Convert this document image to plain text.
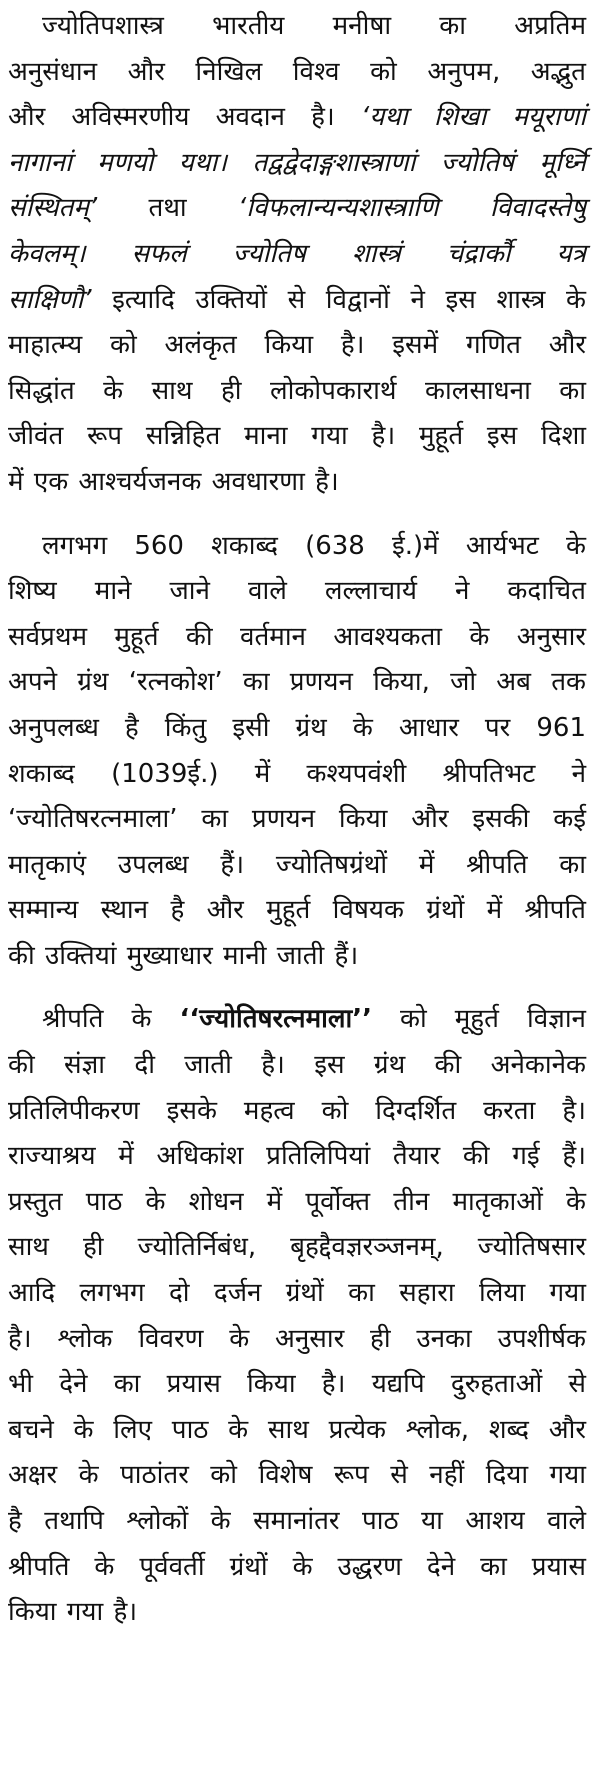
ज्योतिपशास्त्र भारतीय मनीषा का अप्रतिम
अनुसंधान और निखिल विश्व को अनुपम, अद्भुत
और अविस्मरणीय अवदान है। ‘यथा शिखा मयूराणां
नागानां मणयो यथा। तद्वद्वेदाङ्गशास्त्राणां ज्योतिषं मूर्ध्नि
संस्थितम्’ तथा ‘विफलान्यन्यशास्त्राणि विवादस्तेषु
केवलम्। सफलं ज्योतिष शास्त्रं चंद्रार्कौ यत्र
साक्षिणौ’ इत्यादि उक्तियों से विद्वानों ने इस शास्त्र के
माहात्म्य को अलंकृत किया है। इसमें गणित और
सिद्धांत के साथ ही लोकोपकारार्थ कालसाधना का
जीवंत रूप सन्निहित माना गया है। मुहूर्त इस दिशा
में एक आश्चर्यजनक अवधारणा है।
लगभग 560 शकाब्द (638 ई.)में आर्यभट के
शिष्य माने जाने वाले लल्लाचार्य ने कदाचित
सर्वप्रथम मुहूर्त की वर्तमान आवश्यकता के अनुसार
अपने ग्रंथ ‘रत्नकोश’ का प्रणयन किया, जो अब तक
अनुपलब्ध है किंतु इसी ग्रंथ के आधार पर 961
शकाब्द (1039ई.) में कश्यपवंशी श्रीपतिभट ने
‘ज्योतिषरत्नमाला’ का प्रणयन किया और इसकी कई
मातृकाएं उपलब्ध हैं। ज्योतिषग्रंथों में श्रीपति का
सम्मान्य स्थान है और मुहूर्त विषयक ग्रंथों में श्रीपति
की उक्तियां मुख्याधार मानी जाती हैं।
श्रीपति के ‘‘ज्योतिषरत्नमाला’’ को मूहुर्त विज्ञान
की संज्ञा दी जाती है। इस ग्रंथ की अनेकानेक
प्रतिलिपीकरण इसके महत्व को दिग्दर्शित करता है।
राज्याश्रय में अधिकांश प्रतिलिपियां तैयार की गई हैं।
प्रस्तुत पाठ के शोधन में पूर्वोक्त तीन मातृकाओं के
साथ ही ज्योतिर्निबंध, बृहद्दैवज्ञरञ्जनम्, ज्योतिषसार
आदि लगभग दो दर्जन ग्रंथों का सहारा लिया गया
है। श्लोक विवरण के अनुसार ही उनका उपशीर्षक
भी देने का प्रयास किया है। यद्यपि दुरुहताओं से
बचने के लिए पाठ के साथ प्रत्येक श्लोक, शब्द और
अक्षर के पाठांतर को विशेष रूप से नहीं दिया गया
है तथापि श्लोकों के समानांतर पाठ या आशय वाले
श्रीपति के पूर्ववर्ती ग्रंथों के उद्धरण देने का प्रयास
किया गया है।
